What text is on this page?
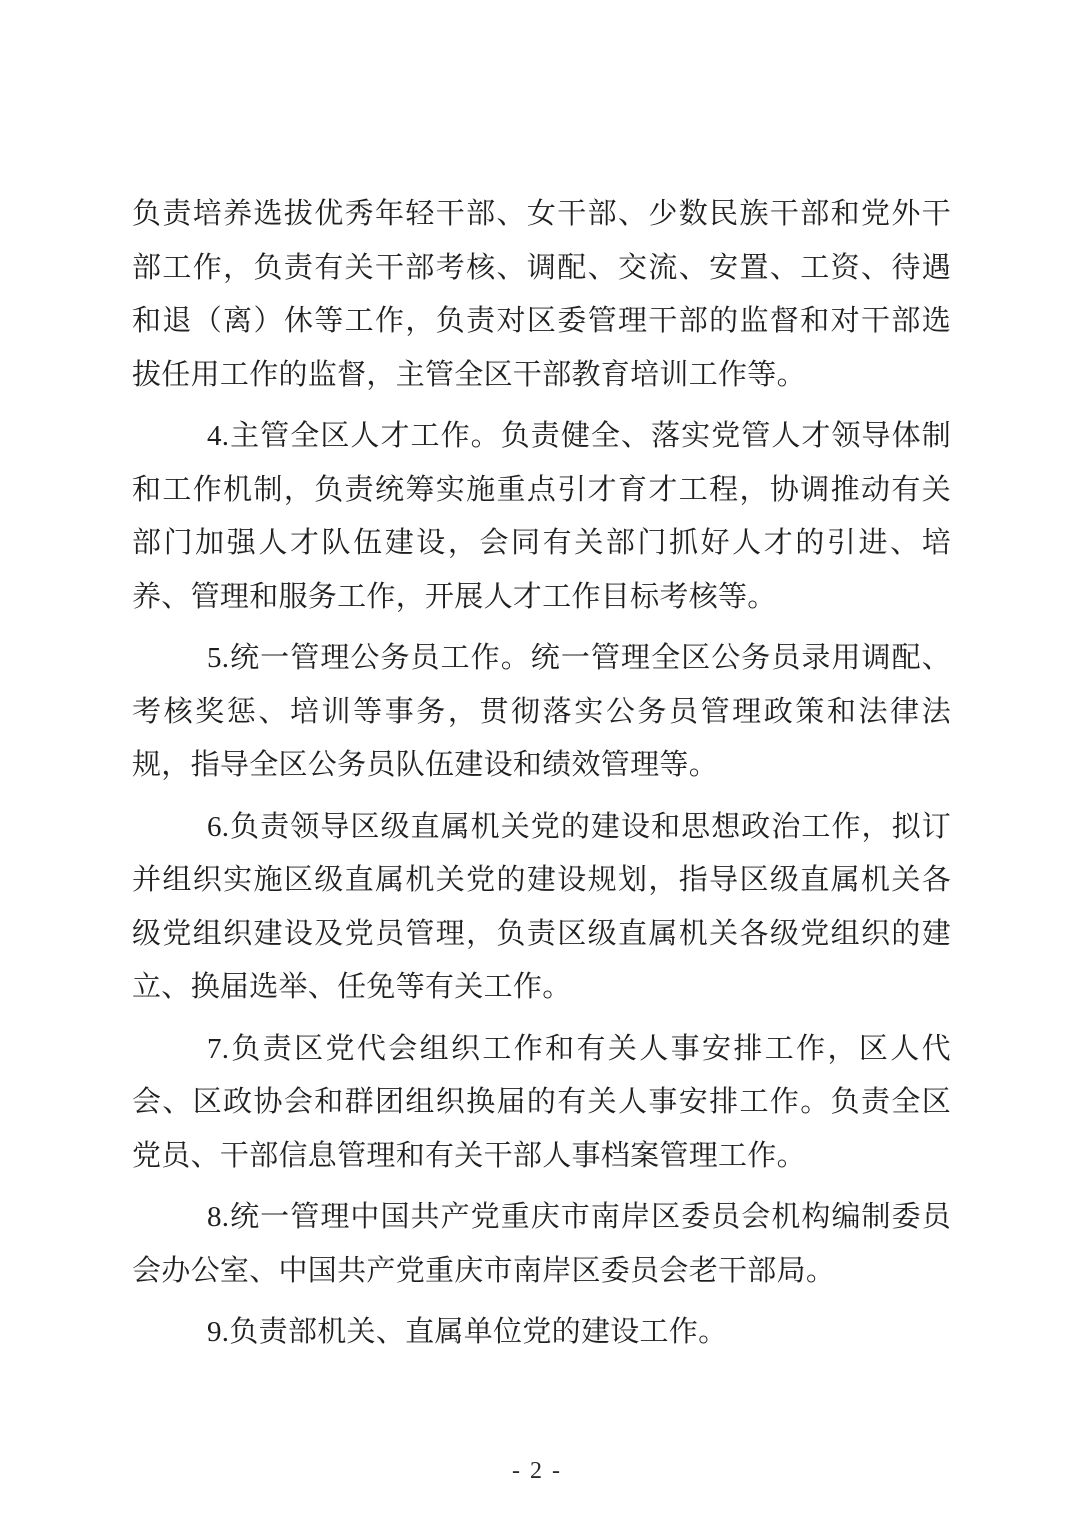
负责培养选拔优秀年轻干部、女干部、少数民族干部和党外干部工作，负责有关干部考核、调配、交流、安置、工资、待遇和退（离）休等工作，负责对区委管理干部的监督和对干部选拔任用工作的监督，主管全区干部教育培训工作等。

4.主管全区人才工作。负责健全、落实党管人才领导体制和工作机制，负责统筹实施重点引才育才工程，协调推动有关部门加强人才队伍建设，会同有关部门抓好人才的引进、培养、管理和服务工作，开展人才工作目标考核等。

5.统一管理公务员工作。统一管理全区公务员录用调配、考核奖惩、培训等事务，贯彻落实公务员管理政策和法律法规，指导全区公务员队伍建设和绩效管理等。

6.负责领导区级直属机关党的建设和思想政治工作，拟订并组织实施区级直属机关党的建设规划，指导区级直属机关各级党组织建设及党员管理，负责区级直属机关各级党组织的建立、换届选举、任免等有关工作。

7.负责区党代会组织工作和有关人事安排工作，区人代会、区政协会和群团组织换届的有关人事安排工作。负责全区党员、干部信息管理和有关干部人事档案管理工作。

8.统一管理中国共产党重庆市南岸区委员会机构编制委员会办公室、中国共产党重庆市南岸区委员会老干部局。

9.负责部机关、直属单位党的建设工作。

- 2 -
